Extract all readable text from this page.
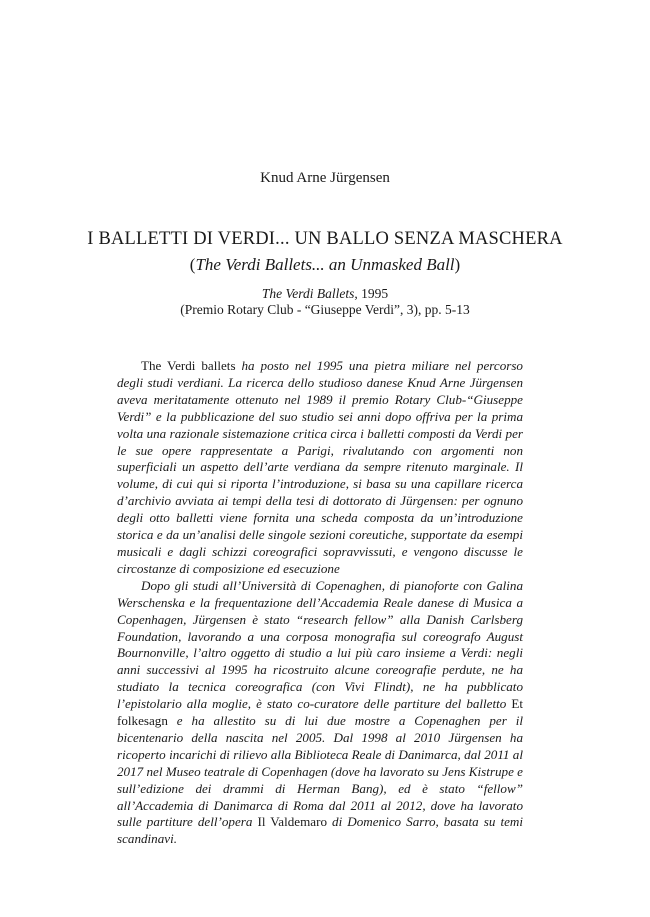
Knud Arne Jürgensen
I BALLETTI DI VERDI... UN BALLO SENZA MASCHERA
(The Verdi Ballets... an Unmasked Ball)
The Verdi Ballets, 1995
(Premio Rotary Club - “Giuseppe Verdi”, 3), pp. 5-13

The Verdi ballets ha posto nel 1995 una pietra miliare nel percorso degli studi verdiani. La ricerca dello studioso danese Knud Arne Jürgensen aveva meritatamente ottenuto nel 1989 il premio Rotary Club-“Giuseppe Verdi” e la pubblicazione del suo studio sei anni dopo offriva per la prima volta una razionale sistemazione critica circa i balletti composti da Verdi per le sue opere rappresentate a Parigi, rivalutando con argomenti non superficiali un aspetto dell’arte verdiana da sempre ritenuto marginale. Il volume, di cui qui si riporta l’introduzione, si basa su una capillare ricerca d’archivio avviata ai tempi della tesi di dottorato di Jürgensen: per ognuno degli otto balletti viene fornita una scheda composta da un’introduzione storica e da un’analisi delle singole sezioni coreutiche, supportate da esempi musicali e dagli schizzi coreografici sopravvissuti, e vengono discusse le circostanze di composizione ed esecuzione

Dopo gli studi all’Università di Copenaghen, di pianoforte con Galina Werschenska e la frequentazione dell’Accademia Reale danese di Musica a Copenhagen, Jürgensen è stato “research fellow” alla Danish Carlsberg Foundation, lavorando a una corposa monografia sul coreografo August Bournonville, l’altro oggetto di studio a lui più caro insieme a Verdi: negli anni successivi al 1995 ha ricostruito alcune coreografie perdute, ne ha studiato la tecnica coreografica (con Vivi Flindt), ne ha pubblicato l’epistolario alla moglie, è stato co-curatore delle partiture del balletto Et folkesagn e ha allestito su di lui due mostre a Copenaghen per il bicentenario della nascita nel 2005. Dal 1998 al 2010 Jürgensen ha ricoperto incarichi di rilievo alla Biblioteca Reale di Danimarca, dal 2011 al 2017 nel Museo teatrale di Copenhagen (dove ha lavorato su Jens Kistrupe e sull’edizione dei drammi di Herman Bang), ed è stato “fellow” all’Accademia di Danimarca di Roma dal 2011 al 2012, dove ha lavorato sulle partiture dell’opera Il Valdemaro di Domenico Sarro, basata su temi scandinavi.
